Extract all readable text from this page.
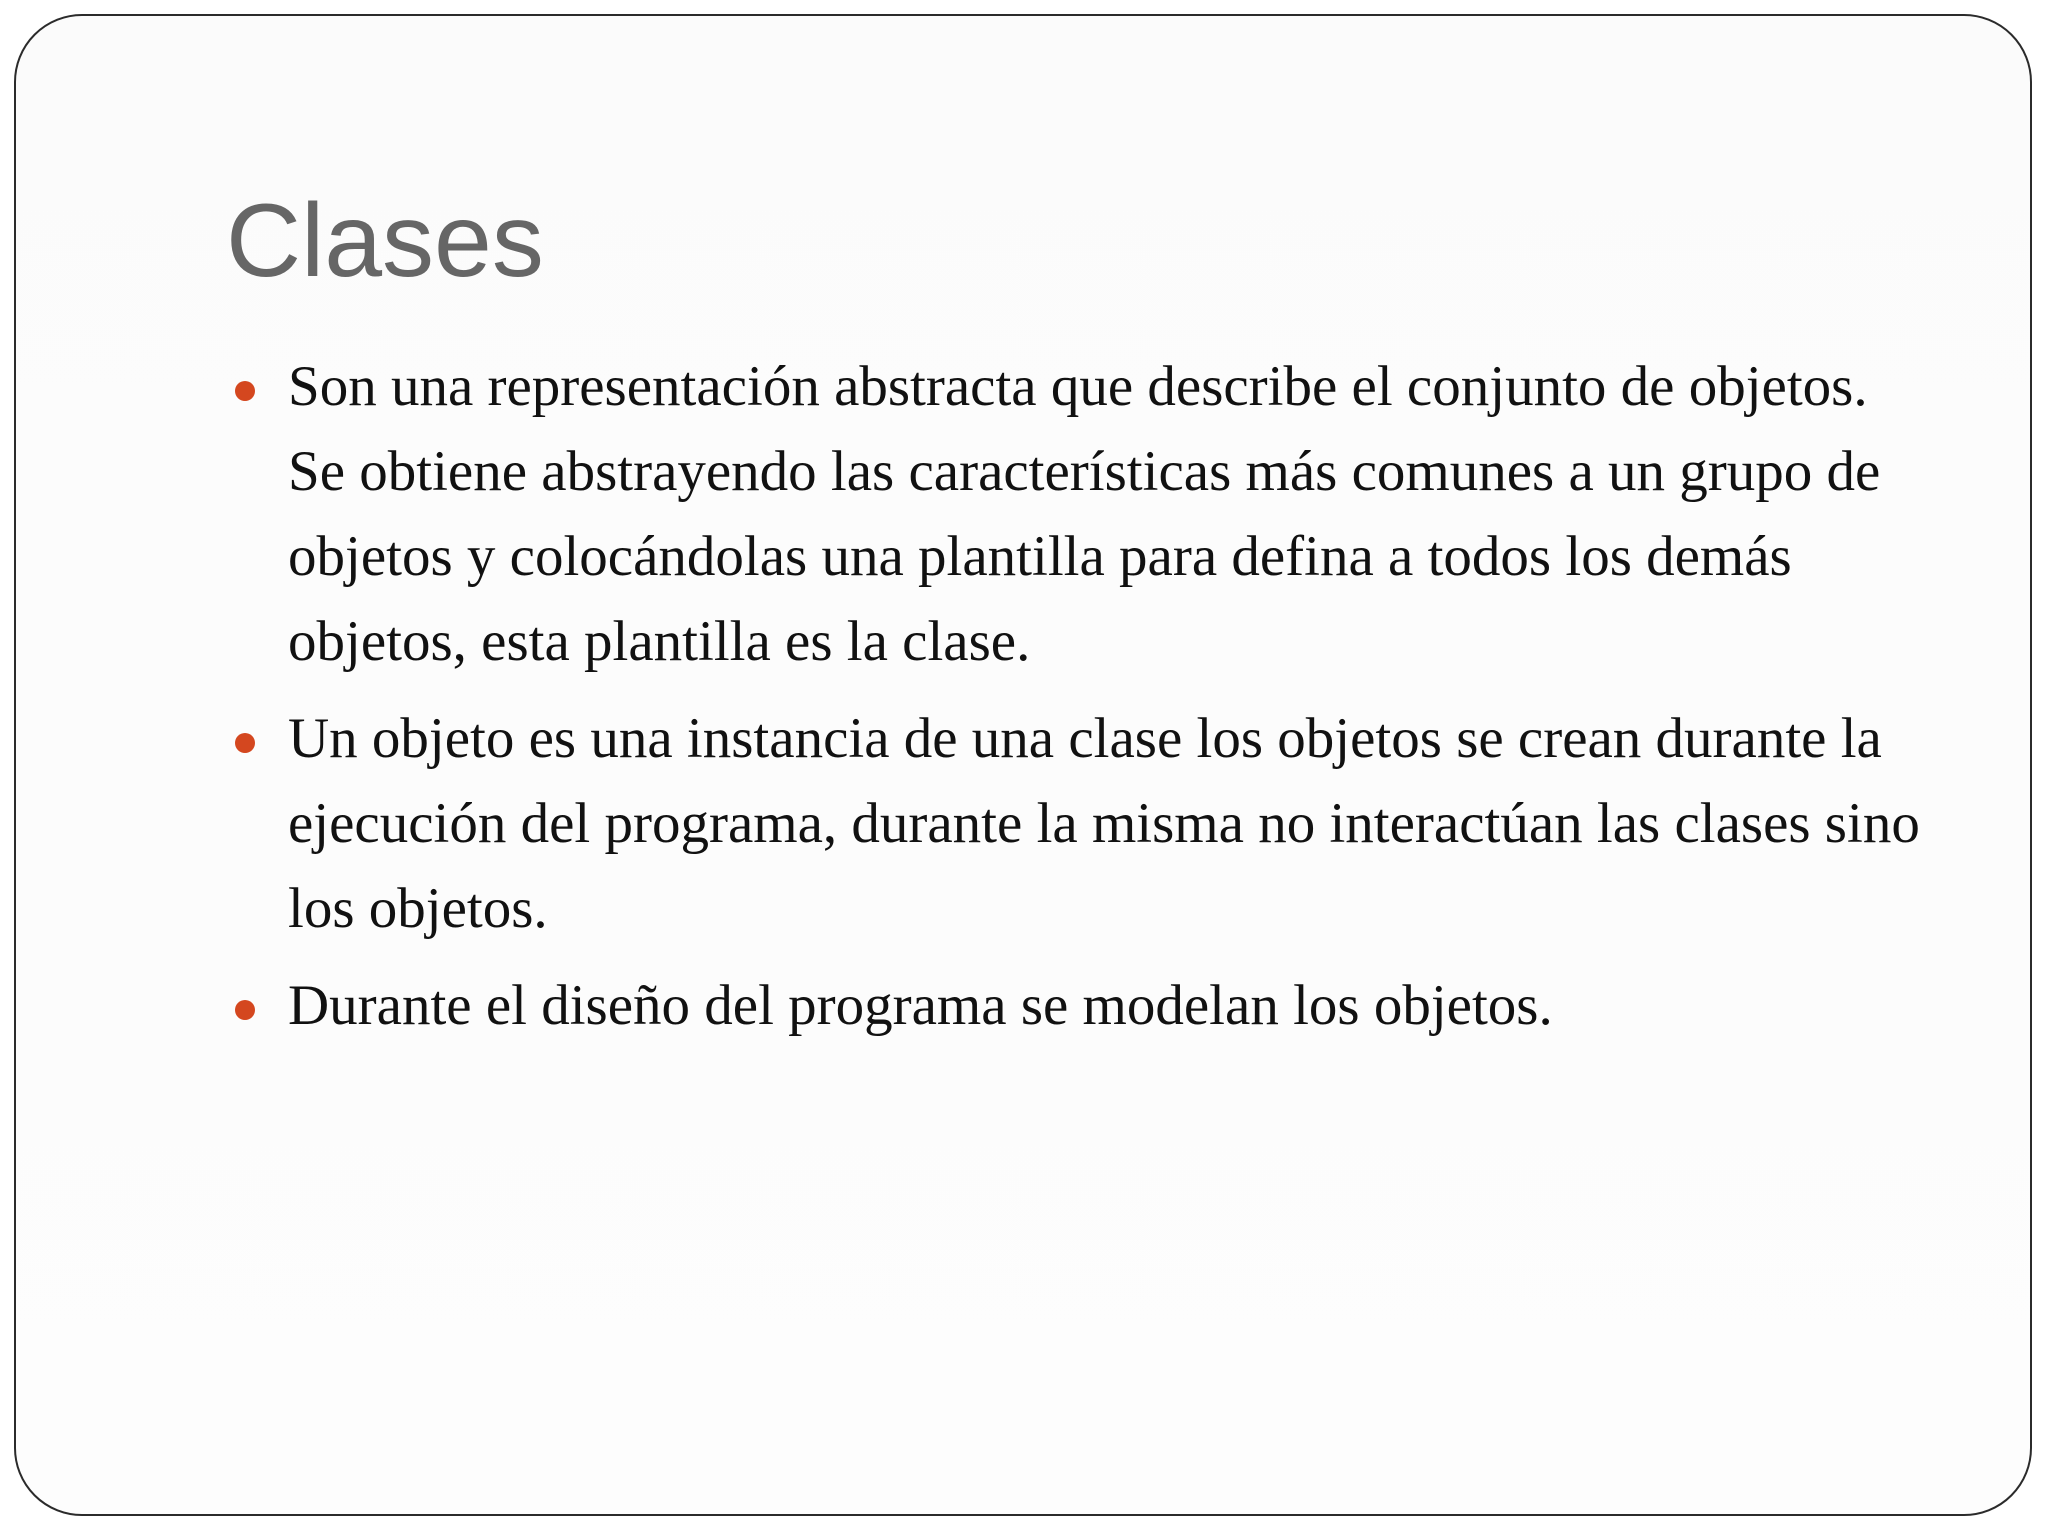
Clases
Son una representación abstracta que describe el conjunto de objetos. Se obtiene abstrayendo las características más comunes a un grupo de objetos y colocándolas una plantilla para defina a todos los demás objetos, esta plantilla es la clase.
Un objeto es una instancia de una clase los objetos se crean durante la ejecución del programa, durante la misma no interactúan las clases sino los objetos.
Durante el diseño del programa se modelan los objetos.
